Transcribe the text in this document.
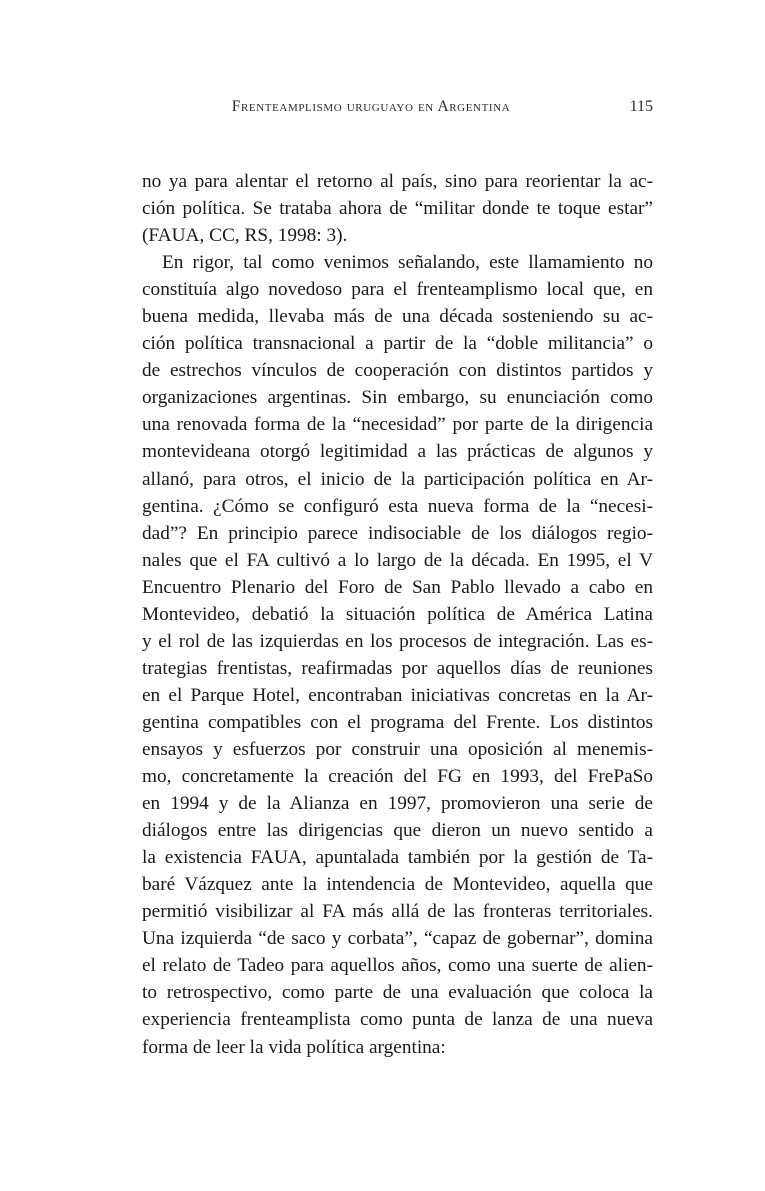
Frenteamplismo uruguayo en Argentina	115
no ya para alentar el retorno al país, sino para reorientar la ac-
ción política. Se trataba ahora de “militar donde te toque estar”
(FAUA, CC, RS, 1998: 3).
En rigor, tal como venimos señalando, este llamamiento no
constituía algo novedoso para el frenteamplismo local que, en
buena medida, llevaba más de una década sosteniendo su ac-
ción política transnacional a partir de la “doble militancia” o
de estrechos vínculos de cooperación con distintos partidos y
organizaciones argentinas. Sin embargo, su enunciación como
una renovada forma de la “necesidad” por parte de la dirigencia
montevideana otorgó legitimidad a las prácticas de algunos y
allanó, para otros, el inicio de la participación política en Ar-
gentina. ¿Cómo se configuró esta nueva forma de la “necesi-
dad”? En principio parece indisociable de los diálogos regio-
nales que el FA cultivó a lo largo de la década. En 1995, el V
Encuentro Plenario del Foro de San Pablo llevado a cabo en
Montevideo, debatió la situación política de América Latina
y el rol de las izquierdas en los procesos de integración. Las es-
trategias frentistas, reafirmadas por aquellos días de reuniones
en el Parque Hotel, encontraban iniciativas concretas en la Ar-
gentina compatibles con el programa del Frente. Los distintos
ensayos y esfuerzos por construir una oposición al menemis-
mo, concretamente la creación del FG en 1993, del FrePaSo
en 1994 y de la Alianza en 1997, promovieron una serie de
diálogos entre las dirigencias que dieron un nuevo sentido a
la existencia FAUA, apuntalada también por la gestión de Ta-
baré Vázquez ante la intendencia de Montevideo, aquella que
permitió visibilizar al FA más allá de las fronteras territoriales.
Una izquierda “de saco y corbata”, “capaz de gobernar”, domina
el relato de Tadeo para aquellos años, como una suerte de alien-
to retrospectivo, como parte de una evaluación que coloca la
experiencia frenteamplista como punta de lanza de una nueva
forma de leer la vida política argentina:
